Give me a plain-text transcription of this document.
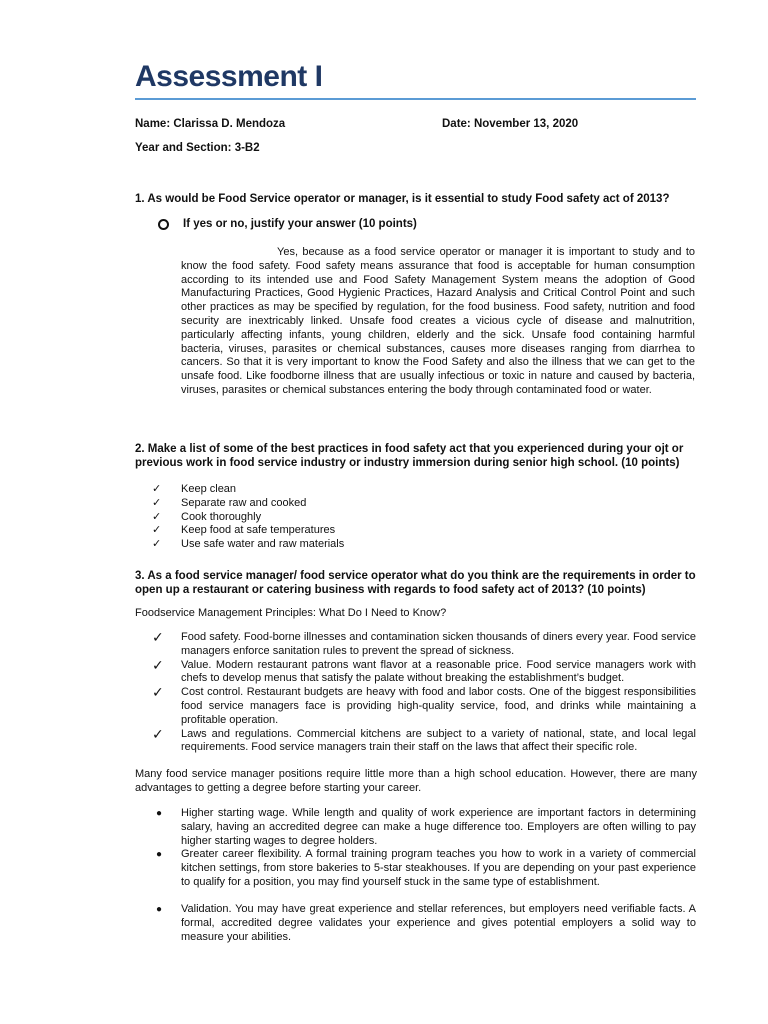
Assessment I
Name: Clarissa D. Mendoza	Date: November 13, 2020
Year and Section: 3-B2

1. As would be Food Service operator or manager, is it essential to study Food safety act of 2013?

If yes or no, justify your answer (10 points)

Yes, because as a food service operator or manager it is important to study and to know the food safety. Food safety means assurance that food is acceptable for human consumption according to its intended use and Food Safety Management System means the adoption of Good Manufacturing Practices, Good Hygienic Practices, Hazard Analysis and Critical Control Point and such other practices as may be specified by regulation, for the food business. Food safety, nutrition and food security are inextricably linked. Unsafe food creates a vicious cycle of disease and malnutrition, particularly affecting infants, young children, elderly and the sick. Unsafe food containing harmful bacteria, viruses, parasites or chemical substances, causes more diseases ranging from diarrhea to cancers. So that it is very important to know the Food Safety and also the illness that we can get to the unsafe food. Like foodborne illness that are usually infectious or toxic in nature and caused by bacteria, viruses, parasites or chemical substances entering the body through contaminated food or water.

2. Make a list of some of the best practices in food safety act that you experienced during your ojt or previous work in food service industry or industry immersion during senior high school. (10 points)

✓	Keep clean
✓	Separate raw and cooked
✓	Cook thoroughly
✓	Keep food at safe temperatures
✓	Use safe water and raw materials

3. As a food service manager/ food service operator what do you think are the requirements in order to open up a restaurant or catering business with regards to food safety act of 2013? (10 points)

Foodservice Management Principles: What Do I Need to Know?

✓	Food safety. Food-borne illnesses and contamination sicken thousands of diners every year. Food service managers enforce sanitation rules to prevent the spread of sickness.
✓	Value. Modern restaurant patrons want flavor at a reasonable price. Food service managers work with chefs to develop menus that satisfy the palate without breaking the establishment’s budget.
✓	Cost control. Restaurant budgets are heavy with food and labor costs. One of the biggest responsibilities food service managers face is providing high-quality service, food, and drinks while maintaining a profitable operation.
✓	Laws and regulations. Commercial kitchens are subject to a variety of national, state, and local legal requirements. Food service managers train their staff on the laws that affect their specific role.

Many food service manager positions require little more than a high school education. However, there are many advantages to getting a degree before starting your career.

●	Higher starting wage. While length and quality of work experience are important factors in determining salary, having an accredited degree can make a huge difference too. Employers are often willing to pay higher starting wages to degree holders.
●	Greater career flexibility. A formal training program teaches you how to work in a variety of commercial kitchen settings, from store bakeries to 5-star steakhouses. If you are depending on your past experience to qualify for a position, you may find yourself stuck in the same type of establishment.
●	Validation. You may have great experience and stellar references, but employers need verifiable facts. A formal, accredited degree validates your experience and gives potential employers a solid way to measure your abilities.
